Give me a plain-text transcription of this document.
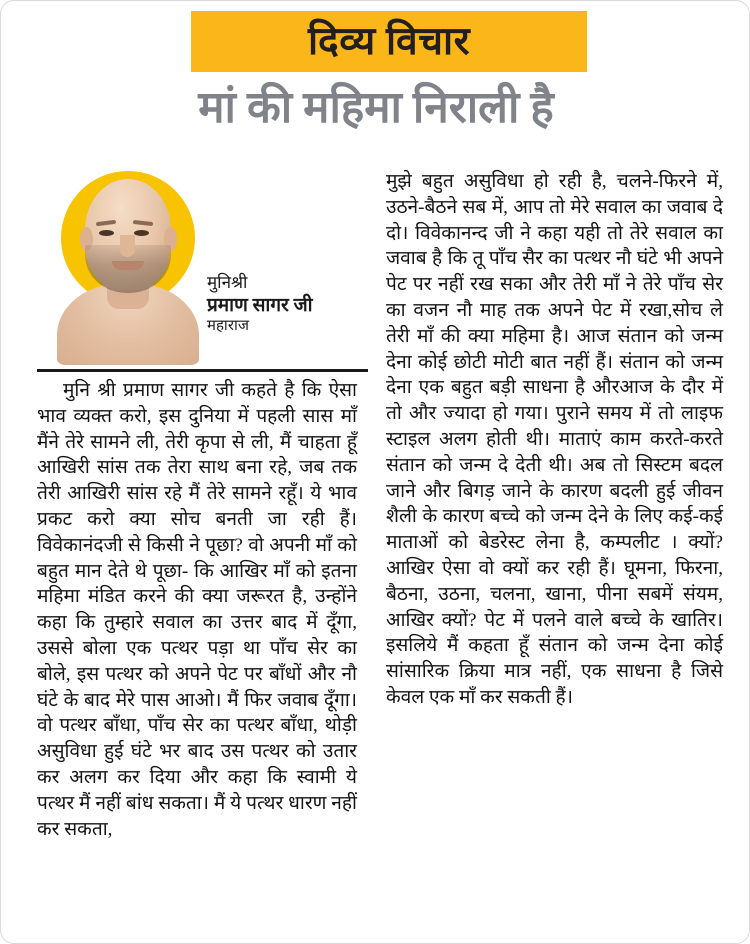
दिव्य विचार
मां की महिमा निराली है
मुनिश्री
प्रमाण सागर जी
महाराज

मुनि श्री प्रमाण सागर जी कहते है कि ऐसा भाव व्यक्त करो, इस दुनिया में पहली सास माँ मैंने तेरे सामने ली, तेरी कृपा से ली, मैं चाहता हूँ आखिरी सांस तक तेरा साथ बना रहे, जब तक तेरी आखिरी सांस रहे मैं तेरे सामने रहूँ। ये भाव प्रकट करो क्या सोच बनती जा रही हैं। विवेकानंदजी से किसी ने पूछा? वो अपनी माँ को बहुत मान देते थे पूछा- कि आखिर माँ को इतना महिमा मंडित करने की क्या जरूरत है, उन्होंने कहा कि तुम्हारे सवाल का उत्तर बाद में दूँगा, उससे बोला एक पत्थर पड़ा था पाँच सेर का बोले, इस पत्थर को अपने पेट पर बाँधों और नौ घंटे के बाद मेरे पास आओ। मैं फिर जवाब दूँगा। वो पत्थर बाँधा, पाँच सेर का पत्थर बाँधा, थोड़ी असुविधा हुई घंटे भर बाद उस पत्थर को उतार कर अलग कर दिया और कहा कि स्वामी ये पत्थर मैं नहीं बांध सकता। मैं ये पत्थर धारण नहीं कर सकता,

मुझे बहुत असुविधा हो रही है, चलने-फिरने में, उठने-बैठने सब में, आप तो मेरे सवाल का जवाब दे दो। विवेकानन्द जी ने कहा यही तो तेरे सवाल का जवाब है कि तू पाँच सैर का पत्थर नौ घंटे भी अपने पेट पर नहीं रख सका और तेरी माँ ने तेरे पाँच सेर का वजन नौ माह तक अपने पेट में रखा,सोच ले तेरी माँ की क्या महिमा है। आज संतान को जन्म देना कोई छोटी मोटी बात नहीं हैं। संतान को जन्म देना एक बहुत बड़ी साधना है औरआज के दौर में तो और ज्यादा हो गया। पुराने समय में तो लाइफ स्टाइल अलग होती थी। माताएं काम करते-करते संतान को जन्म दे देती थी। अब तो सिस्टम बदल जाने और बिगड़ जाने के कारण बदली हुई जीवन शैली के कारण बच्चे को जन्म देने के लिए कई-कई माताओं को बेडरेस्ट लेना है, कम्पलीट । क्यों? आखिर ऐसा वो क्यों कर रही हैं। घूमना, फिरना, बैठना, उठना, चलना, खाना, पीना सबमें संयम, आखिर क्यों? पेट में पलने वाले बच्चे के खातिर। इसलिये मैं कहता हूँ संतान को जन्म देना कोई सांसारिक क्रिया मात्र नहीं, एक साधना है जिसे केवल एक माँ कर सकती हैं।
